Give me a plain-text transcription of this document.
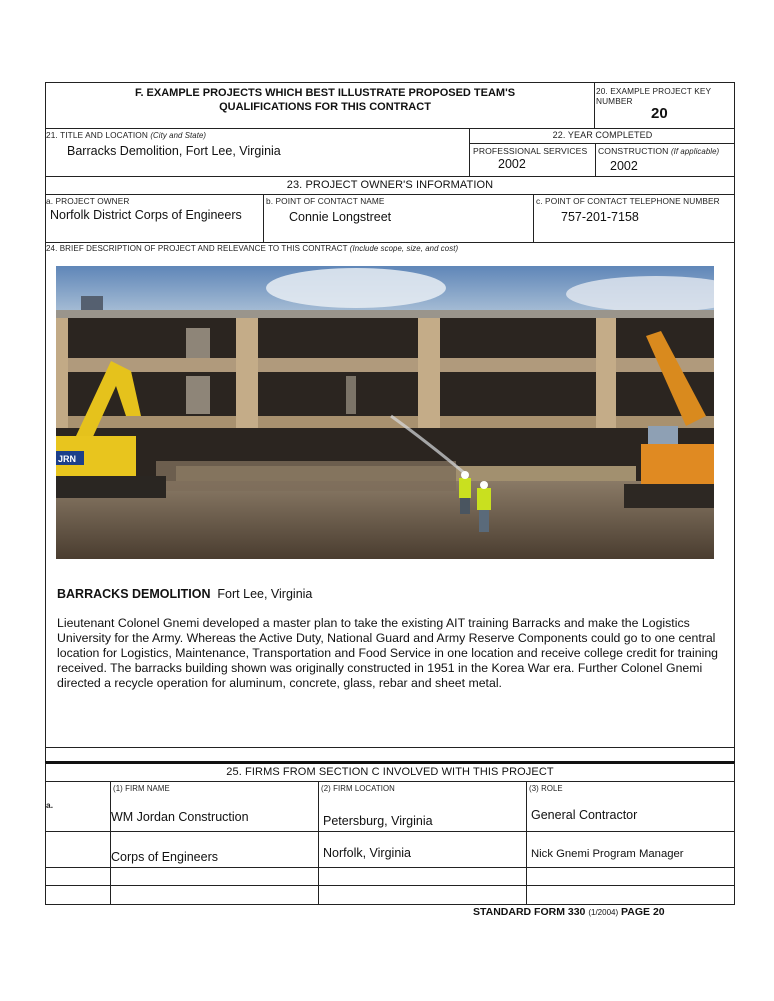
F. EXAMPLE PROJECTS WHICH BEST ILLUSTRATE PROPOSED TEAM'S
QUALIFICATIONS FOR THIS CONTRACT
20. EXAMPLE PROJECT KEY
NUMBER
20
21. TITLE AND LOCATION (City and State)
Barracks Demolition, Fort Lee, Virginia
22. YEAR COMPLETED
PROFESSIONAL SERVICES
2002
CONSTRUCTION (If applicable)
2002
23. PROJECT OWNER'S INFORMATION
a. PROJECT OWNER
Norfolk District Corps of Engineers
b. POINT OF CONTACT NAME
Connie Longstreet
c. POINT OF CONTACT TELEPHONE NUMBER
757-201-7158
24. BRIEF DESCRIPTION OF PROJECT AND RELEVANCE TO THIS CONTRACT (Include scope, size, and cost)
JRN
BARRACKS DEMOLITION Fort Lee, Virginia
Lieutenant Colonel Gnemi developed a master plan to take the existing AIT training Barracks and make the Logistics University for the Army. Whereas the Active Duty, National Guard and Army Reserve Components could go to one central location for Logistics, Maintenance, Transportation and Food Service in one location and receive college credit for training received. The barracks building shown was originally constructed in 1951 in the Korea War era. Further Colonel Gnemi directed a recycle operation for aluminum, concrete, glass, rebar and sheet metal.
25. FIRMS FROM SECTION C INVOLVED WITH THIS PROJECT
(1) FIRM NAME	(2) FIRM LOCATION	(3) ROLE
a.
WM Jordan Construction	Petersburg, Virginia	General Contractor
Corps of Engineers	Norfolk, Virginia	Nick Gnemi Program Manager
STANDARD FORM 330 (1/2004) PAGE 20
